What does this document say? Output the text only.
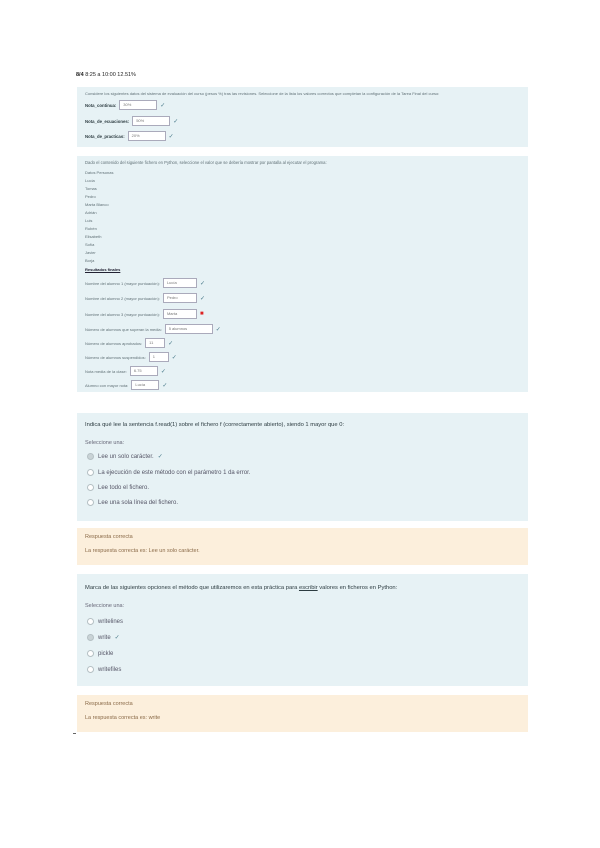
8/4 8:25 a 10:00 12.51%
Considere los siguientes datos del sistema de evaluación del curso (pesos %) tras las revisiones. Seleccione de la lista los valores correctos que completan la configuración de la Tarea Final del curso:
Nota_continua:	30%	✓
Nota_de_ecuaciones:	50%	✓
Nota_de_practicas:	20%	✓
Dado el contenido del siguiente fichero en Python, seleccione el valor que se debería mostrar por pantalla al ejecutar el programa:
Datos Personas
Lucía
Tomas
Pedro
Marta Blanco
Adrián
Luis
Rubén
Elisabeth
Sofía
Javier
Borja
Resultados finales
Nombre del alumno 1 (mayor puntuación):	Lucía	✓
Nombre del alumno 2 (mayor puntuación):	Pedro	✓
Nombre del alumno 3 (mayor puntuación):	Marta	■
Número de alumnos que superan la media:	5 alumnos	✓
Número de alumnos aprobados:	11	✓
Número de alumnos suspendidos:	1	✓
Nota media de la clase:	6.75	✓
Alumno con mayor nota:	Lucía	✓
Indica qué lee la sentencia f.read(1) sobre el fichero f (correctamente abierto), siendo 1 mayor que 0:
Seleccione una:
Lee un solo carácter. ✓
La ejecución de este método con el parámetro 1 da error.
Lee todo el fichero.
Lee una sola línea del fichero.
Respuesta correcta
La respuesta correcta es: Lee un solo carácter.
Marca de las siguientes opciones el método que utilizaremos en esta práctica para escribir valores en ficheros en Python:
Seleccione una:
writelines
write ✓
pickle
writefiles
Respuesta correcta
La respuesta correcta es: write
